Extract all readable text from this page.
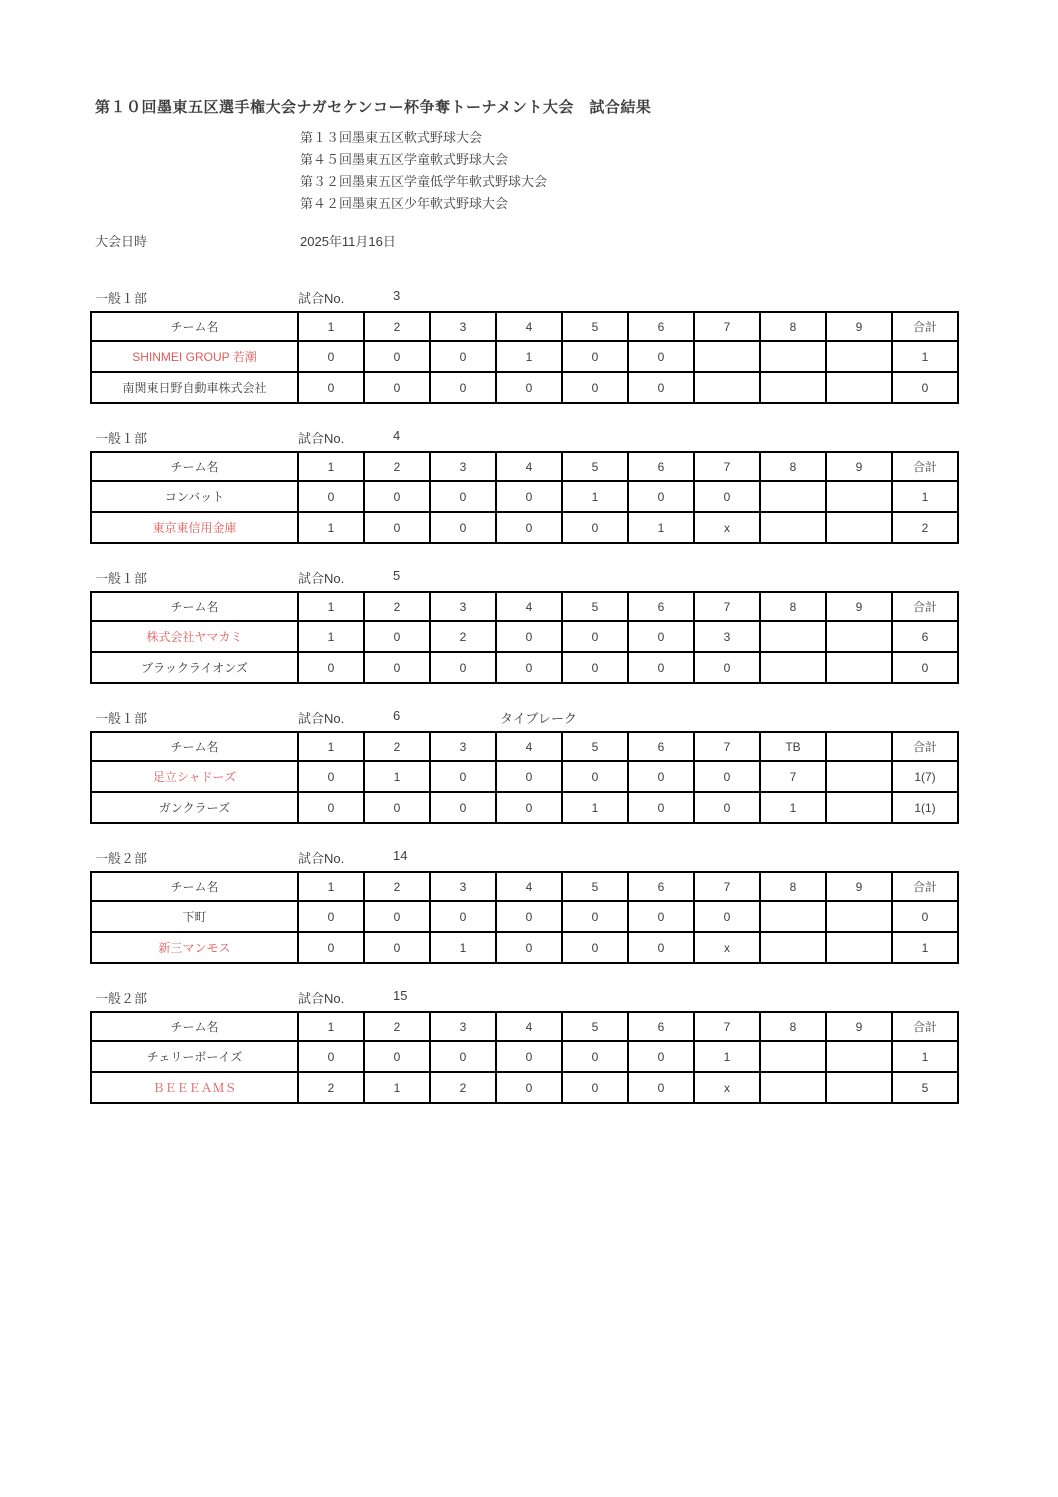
第１０回墨東五区選手権大会ナガセケンコー杯争奪トーナメント大会　試合結果
第１３回墨東五区軟式野球大会
第４５回墨東五区学童軟式野球大会
第３２回墨東五区学童低学年軟式野球大会
第４２回墨東五区少年軟式野球大会
大会日時	2025年11月16日
一般１部	試合No.	3
チーム名	1	2	3	4	5	6	7	8	9	合計
SHINMEI GROUP 若潮	0	0	0	1	0	0				1
南関東日野自動車株式会社	0	0	0	0	0	0				0
一般１部	試合No.	4
チーム名	1	2	3	4	5	6	7	8	9	合計
コンバット	0	0	0	0	1	0	0			1
東京東信用金庫	1	0	0	0	0	1	x			2
一般１部	試合No.	5
チーム名	1	2	3	4	5	6	7	8	9	合計
株式会社ヤマカミ	1	0	2	0	0	0	3			6
ブラックライオンズ	0	0	0	0	0	0	0			0
一般１部	試合No.	6	タイブレーク
チーム名	1	2	3	4	5	6	7	TB		合計
足立シャドーズ	0	1	0	0	0	0	0	7		1(7)
ガンクラーズ	0	0	0	0	1	0	0	1		1(1)
一般２部	試合No.	14
チーム名	1	2	3	4	5	6	7	8	9	合計
下町	0	0	0	0	0	0	0			0
新三マンモス	0	0	1	0	0	0	x			1
一般２部	試合No.	15
チーム名	1	2	3	4	5	6	7	8	9	合計
チェリーボーイズ	0	0	0	0	0	0	1			1
ＢＥＥＥＡＭＳ	2	1	2	0	0	0	x			5
